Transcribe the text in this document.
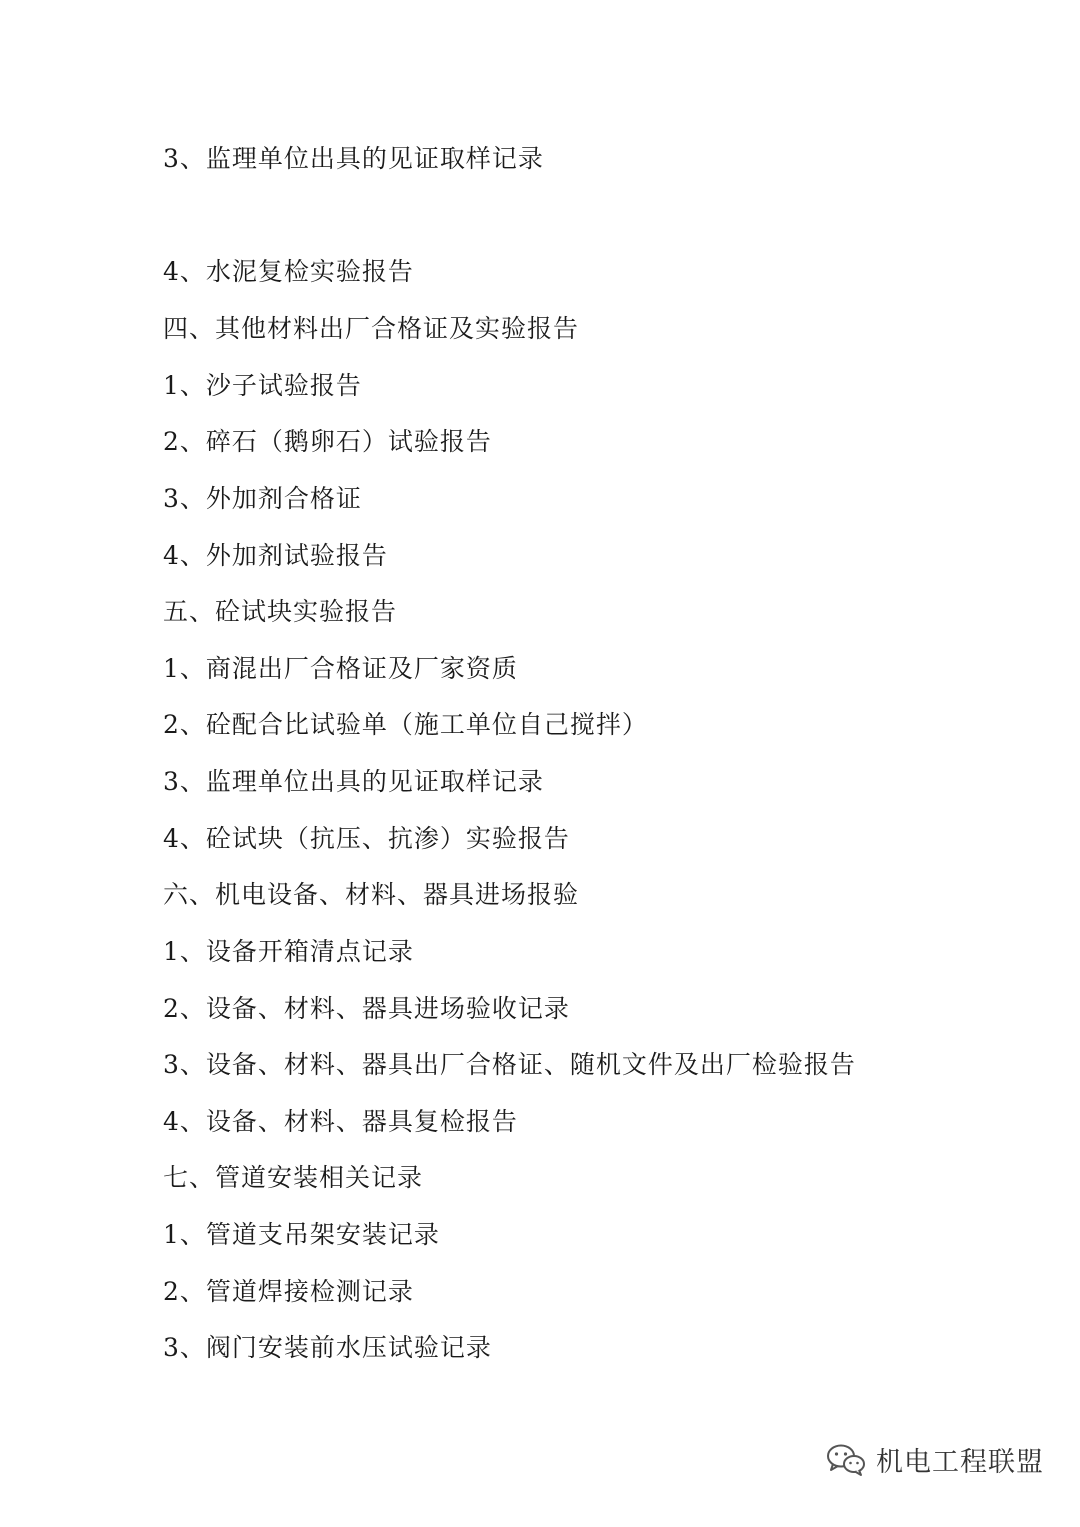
3、监理单位出具的见证取样记录
4、水泥复检实验报告
四、其他材料出厂合格证及实验报告
1、沙子试验报告
2、碎石（鹅卵石）试验报告
3、外加剂合格证
4、外加剂试验报告
五、砼试块实验报告
1、商混出厂合格证及厂家资质
2、砼配合比试验单（施工单位自己搅拌）
3、监理单位出具的见证取样记录
4、砼试块（抗压、抗渗）实验报告
六、机电设备、材料、器具进场报验
1、设备开箱清点记录
2、设备、材料、器具进场验收记录
3、设备、材料、器具出厂合格证、随机文件及出厂检验报告
4、设备、材料、器具复检报告
七、管道安装相关记录
1、管道支吊架安装记录
2、管道焊接检测记录
3、阀门安装前水压试验记录
机电工程联盟
